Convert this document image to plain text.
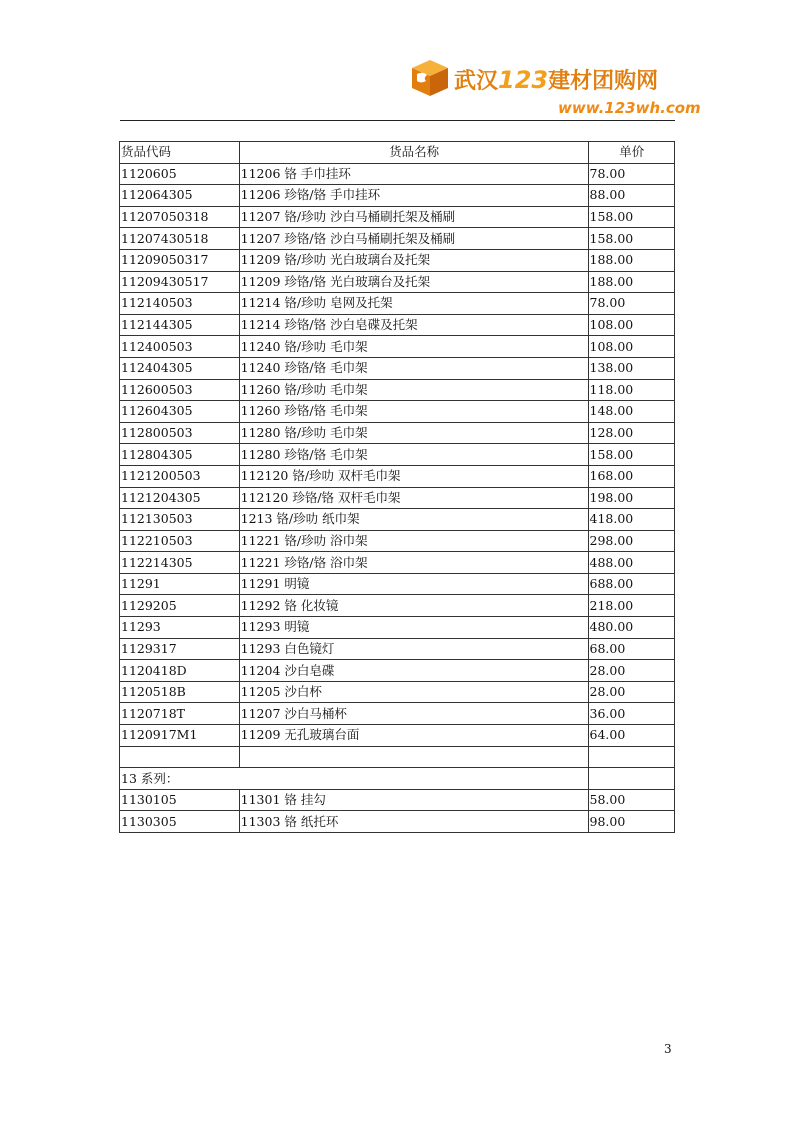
武汉123建材团购网
www.123wh.com
货品代码	货品名称	单价
1120605	11206 铬 手巾挂环	78.00
112064305	11206 珍铬/铬 手巾挂环	88.00
11207050318	11207 铬/珍叻 沙白马桶刷托架及桶刷	158.00
11207430518	11207 珍铬/铬 沙白马桶刷托架及桶刷	158.00
11209050317	11209 铬/珍叻 光白玻璃台及托架	188.00
11209430517	11209 珍铬/铬 光白玻璃台及托架	188.00
112140503	11214 铬/珍叻 皂网及托架	78.00
112144305	11214 珍铬/铬 沙白皂碟及托架	108.00
112400503	11240 铬/珍叻 毛巾架	108.00
112404305	11240 珍铬/铬 毛巾架	138.00
112600503	11260 铬/珍叻 毛巾架	118.00
112604305	11260 珍铬/铬 毛巾架	148.00
112800503	11280 铬/珍叻 毛巾架	128.00
112804305	11280 珍铬/铬 毛巾架	158.00
1121200503	112120 铬/珍叻 双杆毛巾架	168.00
1121204305	112120 珍铬/铬 双杆毛巾架	198.00
112130503	1213 铬/珍叻 纸巾架	418.00
112210503	11221 铬/珍叻 浴巾架	298.00
112214305	11221 珍铬/铬 浴巾架	488.00
11291	11291 明镜	688.00
1129205	11292 铬 化妆镜	218.00
11293	11293 明镜	480.00
1129317	11293 白色镜灯	68.00
1120418D	11204 沙白皂碟	28.00
1120518B	11205 沙白杯	28.00
1120718T	11207 沙白马桶杯	36.00
1120917M1	11209 无孔玻璃台面	64.00

13 系列：		
1130105	11301 铬 挂勾	58.00
1130305	11303 铬 纸托环	98.00
3
